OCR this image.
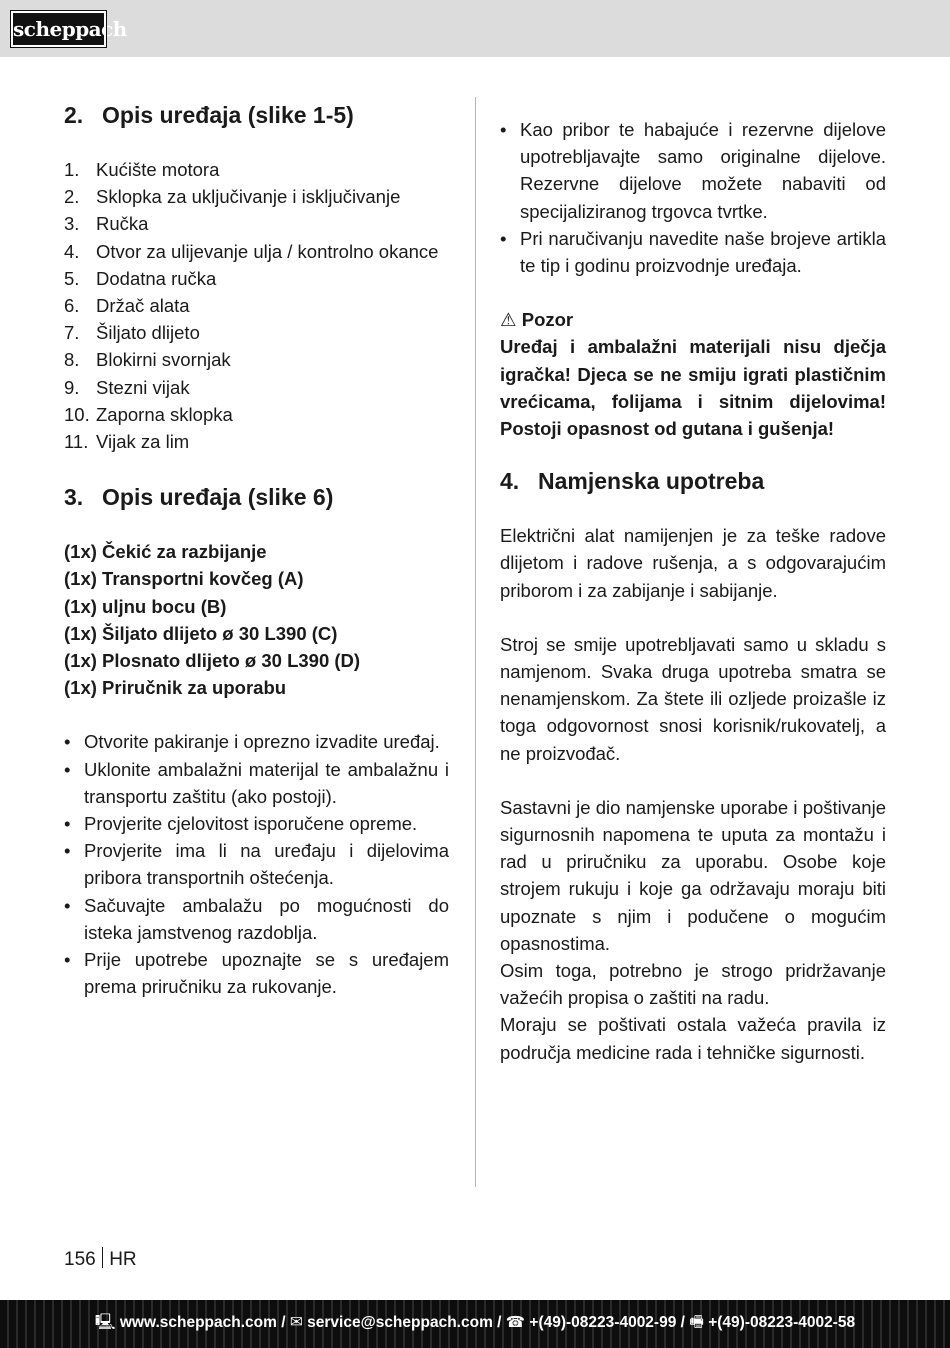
scheppach
2. Opis uređaja (slike 1-5)
1. Kućište motora
2. Sklopka za uključivanje i isključivanje
3. Ručka
4. Otvor za ulijevanje ulja / kontrolno okance
5. Dodatna ručka
6. Držač alata
7. Šiljato dlijeto
8. Blokirni svornjak
9. Stezni vijak
10. Zaporna sklopka
11. Vijak za lim
3. Opis uređaja (slike 6)
(1x) Čekić za razbijanje
(1x) Transportni kovčeg (A)
(1x) uljnu bocu (B)
(1x) Šiljato dlijeto ø 30 L390 (C)
(1x) Plosnato dlijeto ø 30 L390 (D)
(1x) Priručnik za uporabu
• Otvorite pakiranje i oprezno izvadite uređaj.
• Uklonite ambalažni materijal te ambalažnu i transportu zaštitu (ako postoji).
• Provjerite cjelovitost isporučene opreme.
• Provjerite ima li na uređaju i dijelovima pribora transportnih oštećenja.
• Sačuvajte ambalažu po mogućnosti do isteka jamstvenog razdoblja.
• Prije upotrebe upoznajte se s uređajem prema priručniku za rukovanje.
• Kao pribor te habajuće i rezervne dijelove upotrebljavajte samo originalne dijelove. Rezervne dijelove možete nabaviti od specijaliziranog trgovca tvrtke.
• Pri naručivanju navedite naše brojeve artikla te tip i godinu proizvodnje uređaja.
⚠ Pozor

Uređaj i ambalažni materijali nisu dječja igračka! Djeca se ne smiju igrati plastičnim vrećicama, folijama i sitnim dijelovima! Postoji opasnost od gutana i gušenja!

4. Namjenska upotreba

Električni alat namijenjen je za teške radove dlijetom i radove rušenja, a s odgovarajućim priborom i za zabijanje i sabijanje.

Stroj se smije upotrebljavati samo u skladu s namjenom. Svaka druga upotreba smatra se nenamjenskom. Za štete ili ozljede proizašle iz toga odgovornost snosi korisnik/rukovatelj, a ne proizvođač.

Sastavni je dio namjenske uporabe i poštivanje sigurnosnih napomena te uputa za montažu i rad u priručniku za uporabu. Osobe koje strojem rukuju i koje ga održavaju moraju biti upoznate s njim i podučene o mogućim opasnostima.

Osim toga, potrebno je strogo pridržavanje važećih propisa o zaštiti na radu.

Moraju se poštivati ostala važeća pravila iz područja medicine rada i tehničke sigurnosti.

156 HR
🖳 www.scheppach.com / ✉ service@scheppach.com / ☎ +(49)-08223-4002-99 / 🖷 +(49)-08223-4002-58
